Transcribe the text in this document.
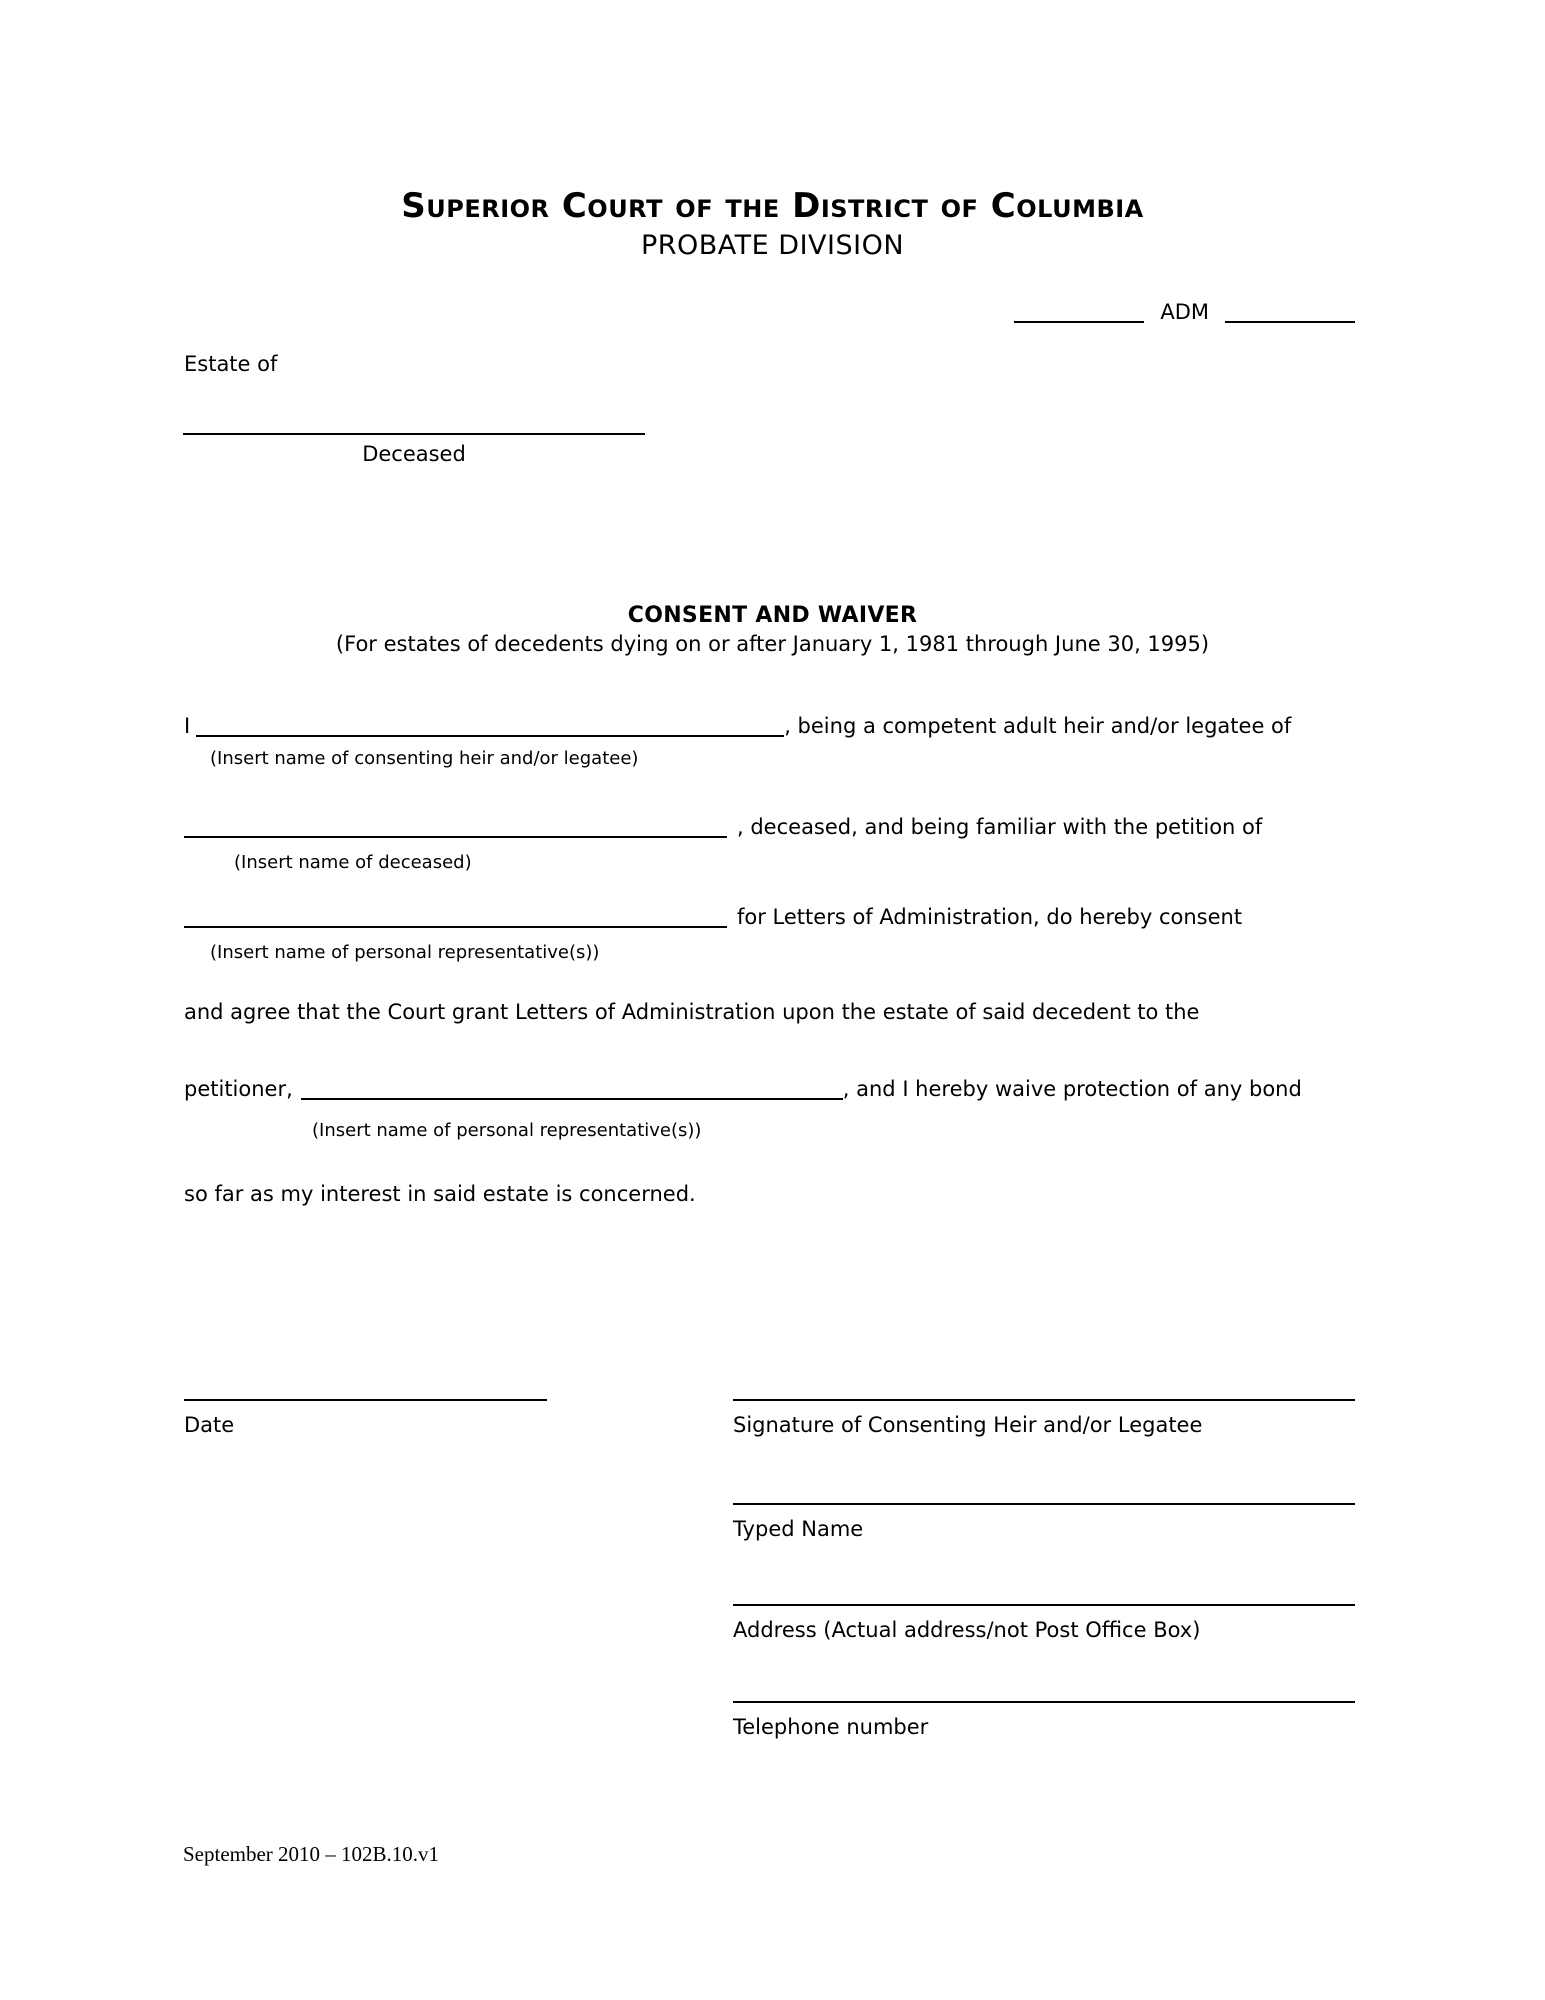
Superior Court of the District of Columbia
PROBATE DIVISION
ADM
Estate of
Deceased
CONSENT AND WAIVER
(For estates of decedents dying on or after January 1, 1981 through June 30, 1995)
I	, being a competent adult heir and/or legatee of
(Insert name of consenting heir and/or legatee)
, deceased, and being familiar with the petition of
(Insert name of deceased)
for Letters of Administration, do hereby consent
(Insert name of personal representative(s))
and agree that the Court grant Letters of Administration upon the estate of said decedent to the
petitioner,	, and I hereby waive protection of any bond
(Insert name of personal representative(s))
so far as my interest in said estate is concerned.
Date	Signature of Consenting Heir and/or Legatee
Typed Name
Address (Actual address/not Post Office Box)
Telephone number
September 2010 – 102B.10.v1
